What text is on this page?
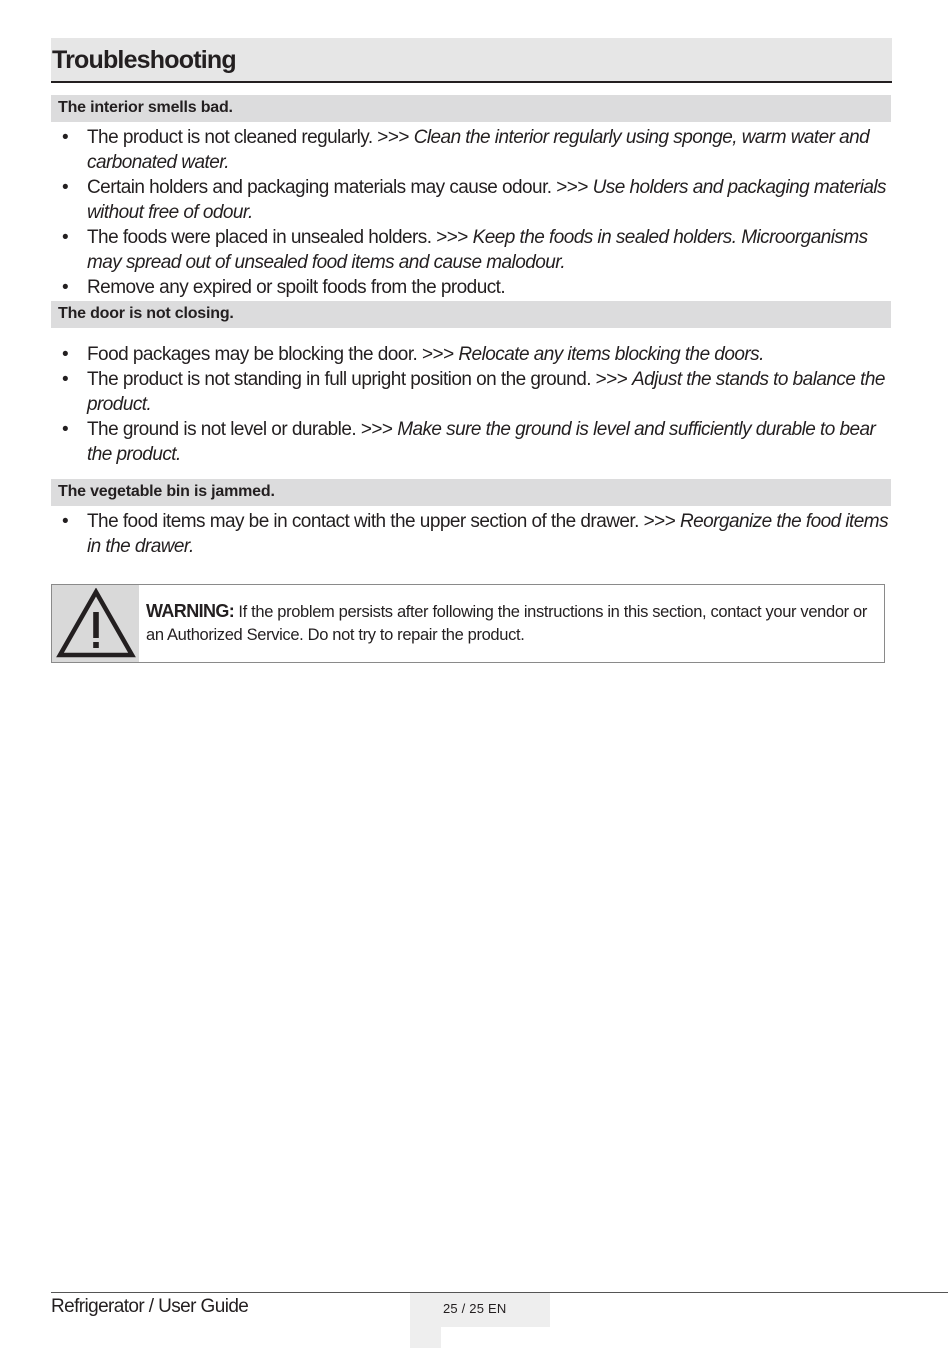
Troubleshooting
The interior smells bad.
• The product is not cleaned regularly. >>> Clean the interior regularly using sponge, warm water and carbonated water.
• Certain holders and packaging materials may cause odour. >>> Use holders and packaging materials without free of odour.
• The foods were placed in unsealed holders. >>> Keep the foods in sealed holders. Microorganisms may spread out of unsealed food items and cause malodour.
• Remove any expired or spoilt foods from the product.
The door is not closing.
• Food packages may be blocking the door. >>> Relocate any items blocking the doors.
• The product is not standing in full upright position on the ground. >>> Adjust the stands to balance the product.
• The ground is not level or durable. >>> Make sure the ground is level and sufficiently durable to bear the product.
The vegetable bin is jammed.
• The food items may be in contact with the upper section of the drawer. >>> Reorganize the food items in the drawer.
WARNING: If the problem persists after following the instructions in this section, contact your vendor or an Authorized Service. Do not try to repair the product.
Refrigerator / User Guide	25 / 25 EN
